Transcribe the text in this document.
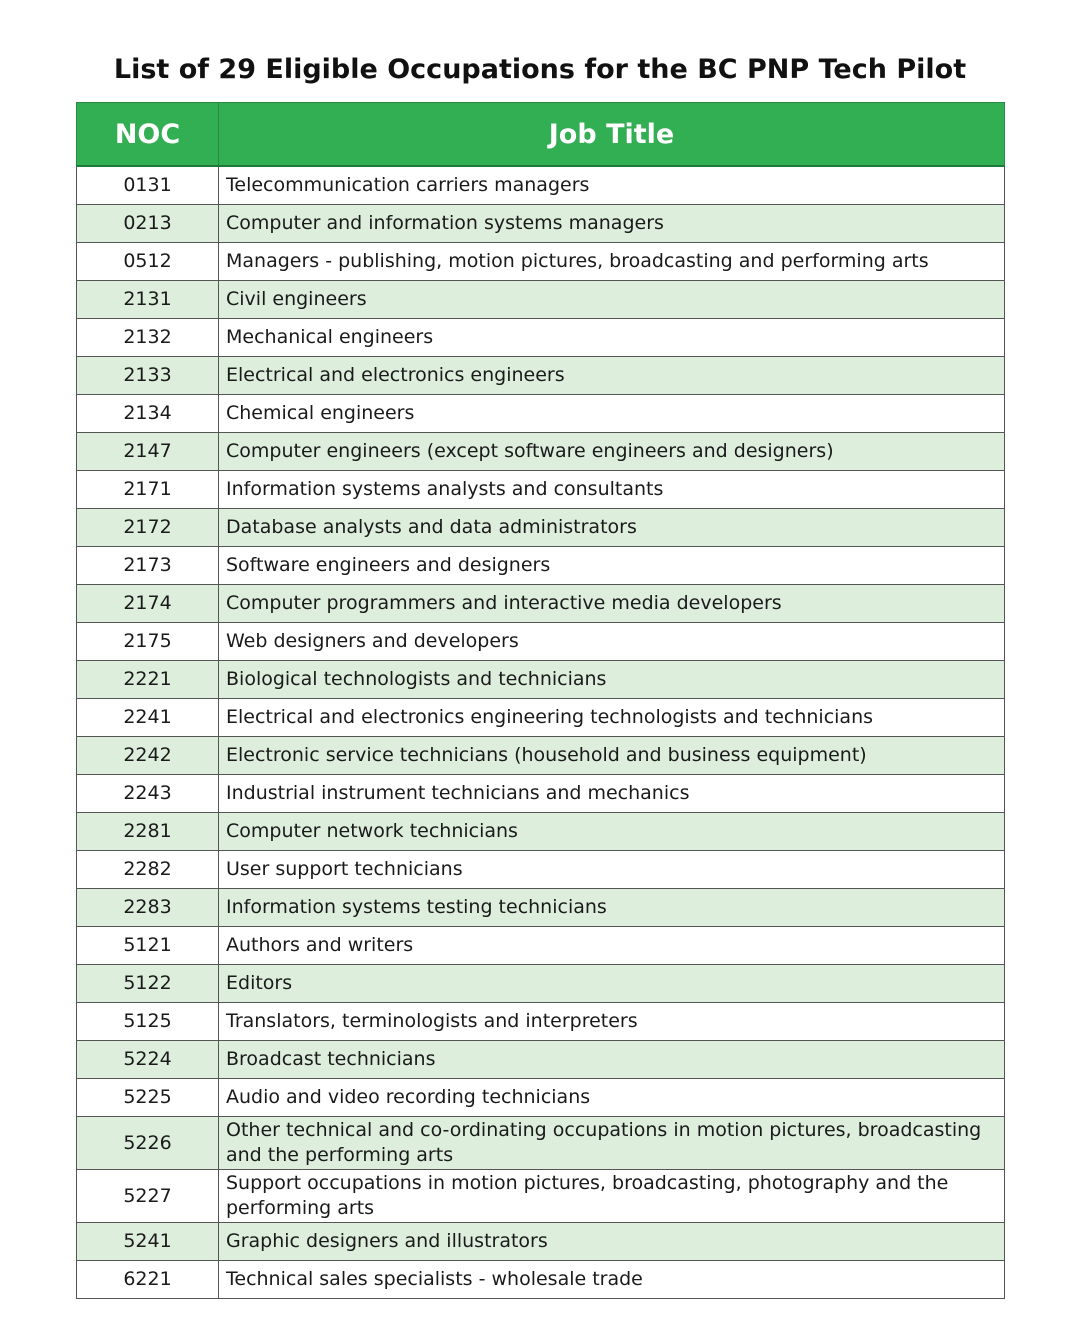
List of 29 Eligible Occupations for the BC PNP Tech Pilot
NOC	Job Title
0131	Telecommunication carriers managers
0213	Computer and information systems managers
0512	Managers - publishing, motion pictures, broadcasting and performing arts
2131	Civil engineers
2132	Mechanical engineers
2133	Electrical and electronics engineers
2134	Chemical engineers
2147	Computer engineers (except software engineers and designers)
2171	Information systems analysts and consultants
2172	Database analysts and data administrators
2173	Software engineers and designers
2174	Computer programmers and interactive media developers
2175	Web designers and developers
2221	Biological technologists and technicians
2241	Electrical and electronics engineering technologists and technicians
2242	Electronic service technicians (household and business equipment)
2243	Industrial instrument technicians and mechanics
2281	Computer network technicians
2282	User support technicians
2283	Information systems testing technicians
5121	Authors and writers
5122	Editors
5125	Translators, terminologists and interpreters
5224	Broadcast technicians
5225	Audio and video recording technicians
5226	Other technical and co-ordinating occupations in motion pictures, broadcasting and the performing arts
5227	Support occupations in motion pictures, broadcasting, photography and the performing arts
5241	Graphic designers and illustrators
6221	Technical sales specialists - wholesale trade
